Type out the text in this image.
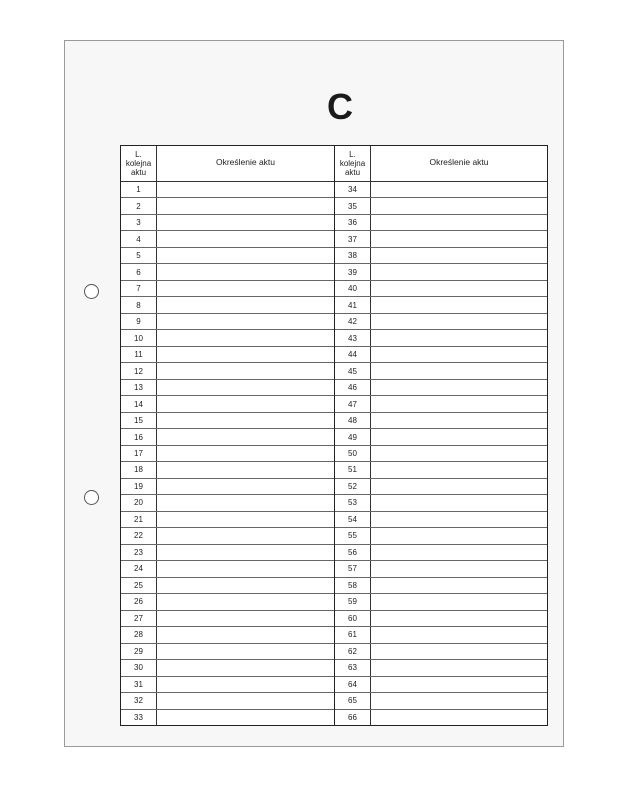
C
L.
kolejna
aktu
Określenie aktu
1
2
3
4
5
6
7
8
9
10
11
12
13
14
15
16
17
18
19
20
21
22
23
24
25
26
27
28
29
30
31
32
33
L.
kolejna
aktu
Określenie aktu
34
35
36
37
38
39
40
41
42
43
44
45
46
47
48
49
50
51
52
53
54
55
56
57
58
59
60
61
62
63
64
65
66
